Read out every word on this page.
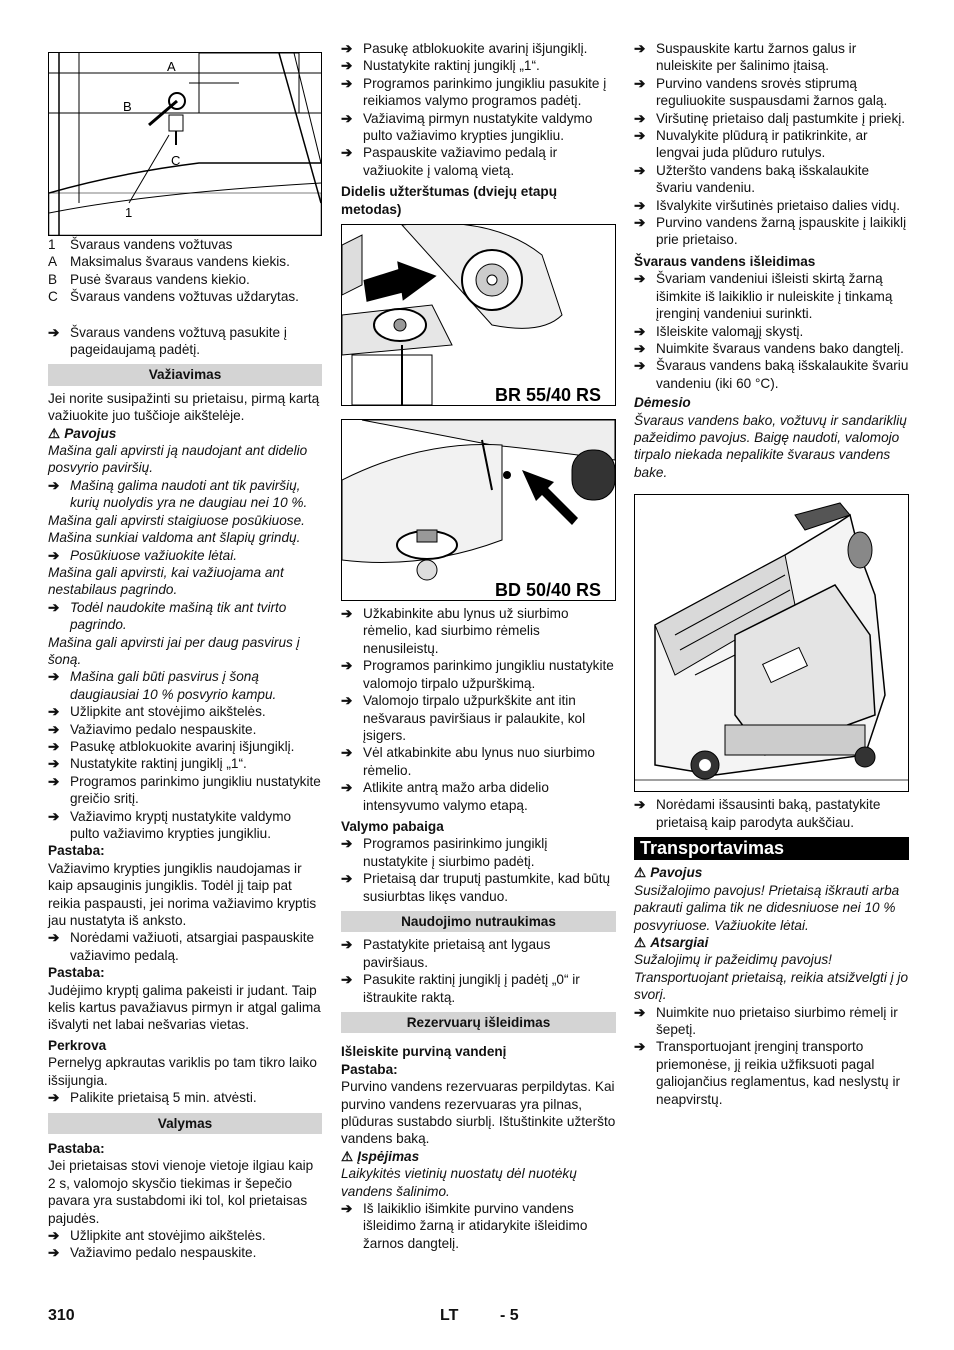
A
B
C
1
1	Švaraus vandens vožtuvas
A Maksimalus švaraus vandens kiekis.
B Pusė švaraus vandens kiekio.
C Švaraus vandens vožtuvas uždarytas.

➔ Švaraus vandens vožtuvą pasukite į pageidaujamą padėtį.

Važiavimas

Jei norite susipažinti su prietaisu, pirmą kartą važiuokite juo tuščioje aikštelėje.

⚠ Pavojus

Mašina gali apvirsti ją naudojant ant didelio posvyrio paviršių.

➔ Mašiną galima naudoti ant tik paviršių, kurių nuolydis yra ne daugiau nei 10 %.

Mašina gali apvirsti staigiuose posūkiuose.

Mašina sunkiai valdoma ant šlapių grindų.

➔ Posūkiuose važiuokite lėtai.

Mašina gali apvirsti, kai važiuojama ant nestabilaus pagrindo.

➔ Todėl naudokite mašiną tik ant tvirto pagrindo.

Mašina gali apvirsti jai per daug pasvirus į šoną.

➔ Mašina gali būti pasvirus į šoną daugiausiai 10 % posvyrio kampu.

➔ Užlipkite ant stovėjimo aikštelės.

➔ Važiavimo pedalo nespauskite.

➔ Pasukę atblokuokite avarinį išjungiklį.

➔ Nustatykite raktinį jungiklį „1“.

➔ Programos parinkimo jungikliu nustatykite greičio sritį.

➔ Važiavimo kryptį nustatykite valdymo pulto važiavimo krypties jungikliu.

Pastaba:

Važiavimo krypties jungiklis naudojamas ir kaip apsauginis jungiklis. Todėl jį taip pat reikia paspausti, jei norima važiavimo kryptis jau nustatyta iš anksto.

➔ Norėdami važiuoti, atsargiai paspauskite važiavimo pedalą.

Pastaba:

Judėjimo kryptį galima pakeisti ir judant. Taip kelis kartus pavažiavus pirmyn ir atgal galima išvalyti net labai nešvarias vietas.

Perkrova

Pernelyg apkrautas variklis po tam tikro laiko išsijungia.

➔ Palikite prietaisą 5 min. atvėsti.

Valymas

Pastaba:

Jei prietaisas stovi vienoje vietoje ilgiau kaip 2 s, valomojo skysčio tiekimas ir šepečio pavara yra sustabdomi iki tol, kol prietaisas pajudės.

➔ Užlipkite ant stovėjimo aikštelės.

➔ Važiavimo pedalo nespauskite.

➔ Pasukę atblokuokite avarinį išjungiklį.

➔ Nustatykite raktinį jungiklį „1“.

➔ Programos parinkimo jungikliu pasukite į reikiamos valymo programos padėtį.

➔ Važiavimą pirmyn nustatykite valdymo pulto važiavimo krypties jungikliu.

➔ Paspauskite važiavimo pedalą ir važiuokite į valomą vietą.

Didelis užterštumas (dviejų etapų metodas)

BR 55/40 RS
BD 50/40 RS

➔ Užkabinkite abu lynus už siurbimo rėmelio, kad siurbimo rėmelis nenusileistų.

➔ Programos parinkimo jungikliu nustatykite valomojo tirpalo užpurškimą.

➔ Valomojo tirpalo užpurkškite ant itin nešvaraus paviršiaus ir palaukite, kol įsigers.

➔ Vėl atkabinkite abu lynus nuo siurbimo rėmelio.

➔ Atlikite antrą mažo arba didelio intensyvumo valymo etapą.

Valymo pabaiga

➔ Programos pasirinkimo jungiklį nustatykite į siurbimo padėtį.

➔ Prietaisą dar truputį pastumkite, kad būtų susiurbtas likęs vanduo.

Naudojimo nutraukimas

➔ Pastatykite prietaisą ant lygaus paviršiaus.

➔ Pasukite raktinį jungiklį į padėtį „0“ ir ištraukite raktą.

Rezervuarų išleidimas

Išleiskite purviną vandenį

Pastaba:

Purvino vandens rezervuaras perpildytas. Kai purvino vandens rezervuaras yra pilnas, plūduras sustabdo siurblį. Ištuštinkite užteršto vandens baką.

⚠ Įspėjimas

Laikykitės vietinių nuostatų dėl nuotėkų vandens šalinimo.

➔ Iš laikiklio išimkite purvino vandens išleidimo žarną ir atidarykite išleidimo žarnos dangtelį.

➔ Suspauskite kartu žarnos galus ir nuleiskite per šalinimo įtaisą.

➔ Purvino vandens srovės stiprumą reguliuokite suspausdami žarnos galą.

➔ Viršutinę prietaiso dalį pastumkite į priekį.

➔ Nuvalykite plūdurą ir patikrinkite, ar lengvai juda plūduro rutulys.

➔ Užteršto vandens baką išskalaukite švariu vandeniu.

➔ Išvalykite viršutinės prietaiso dalies vidų.

➔ Purvino vandens žarną įspauskite į laikiklį prie prietaiso.

Švaraus vandens išleidimas

➔ Švariam vandeniui išleisti skirtą žarną išimkite iš laikiklio ir nuleiskite į tinkamą įrenginį vandeniui surinkti.

➔ Išleiskite valomąjį skystį.

➔ Nuimkite švaraus vandens bako dangtelį.

➔ Švaraus vandens baką išskalaukite švariu vandeniu (iki 60 °C).

Dėmesio

Švaraus vandens bako, vožtuvų ir sandariklių pažeidimo pavojus. Baigę naudoti, valomojo tirpalo niekada nepalikite švaraus vandens bake.

➔ Norėdami išsausinti baką, pastatykite prietaisą kaip parodyta aukščiau.

Transportavimas

⚠ Pavojus

Susižalojimo pavojus! Prietaisą iškrauti arba pakrauti galima tik ne didesniuose nei 10 % posvyriuose. Važiuokite lėtai.

⚠ Atsargiai

Sužalojimų ir pažeidimų pavojus! Transportuojant prietaisą, reikia atsižvelgti į jo svorį.

➔ Nuimkite nuo prietaiso siurbimo rėmelį ir šepetį.

➔ Transportuojant įrenginį transporto priemonėse, jį reikia užfiksuoti pagal galiojančius reglamentus, kad neslystų ir neapvirstų.

310	LT	- 5
